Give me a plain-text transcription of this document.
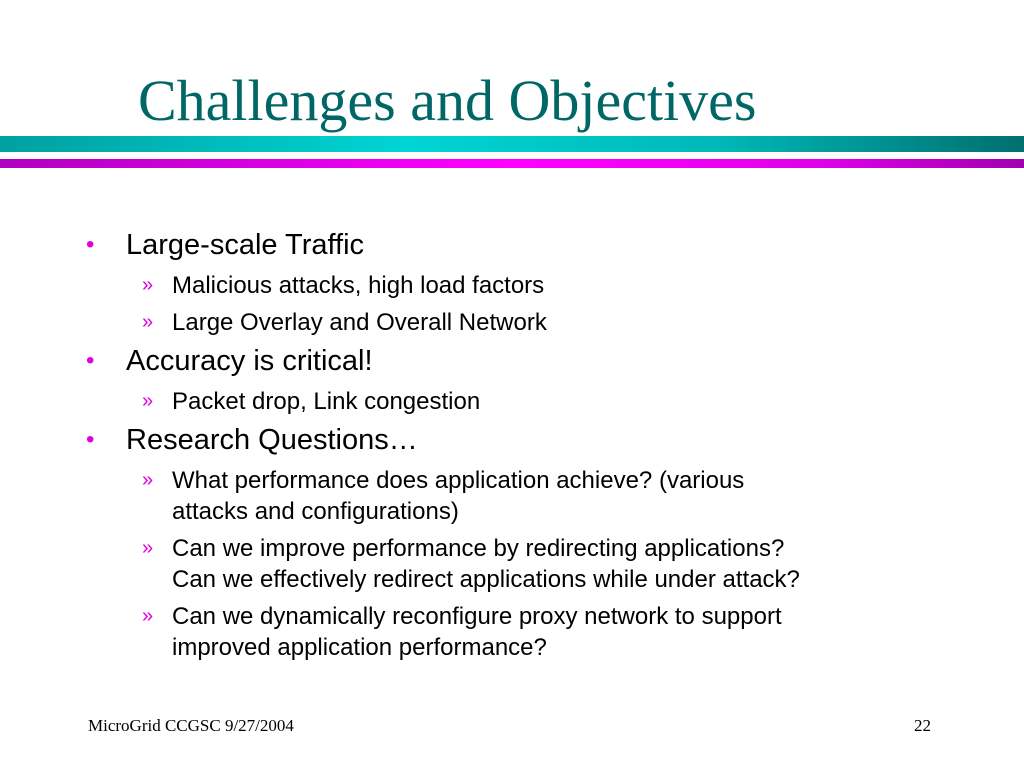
Challenges and Objectives
• Large-scale Traffic
» Malicious attacks, high load factors
» Large Overlay and Overall Network
• Accuracy is critical!
» Packet drop, Link congestion
• Research Questions…
» What performance does application achieve? (various
attacks and configurations)
» Can we improve performance by redirecting applications?
Can we effectively redirect applications while under attack?
» Can we dynamically reconfigure proxy network to support
improved application performance?
MicroGrid CCGSC 9/27/2004	22
